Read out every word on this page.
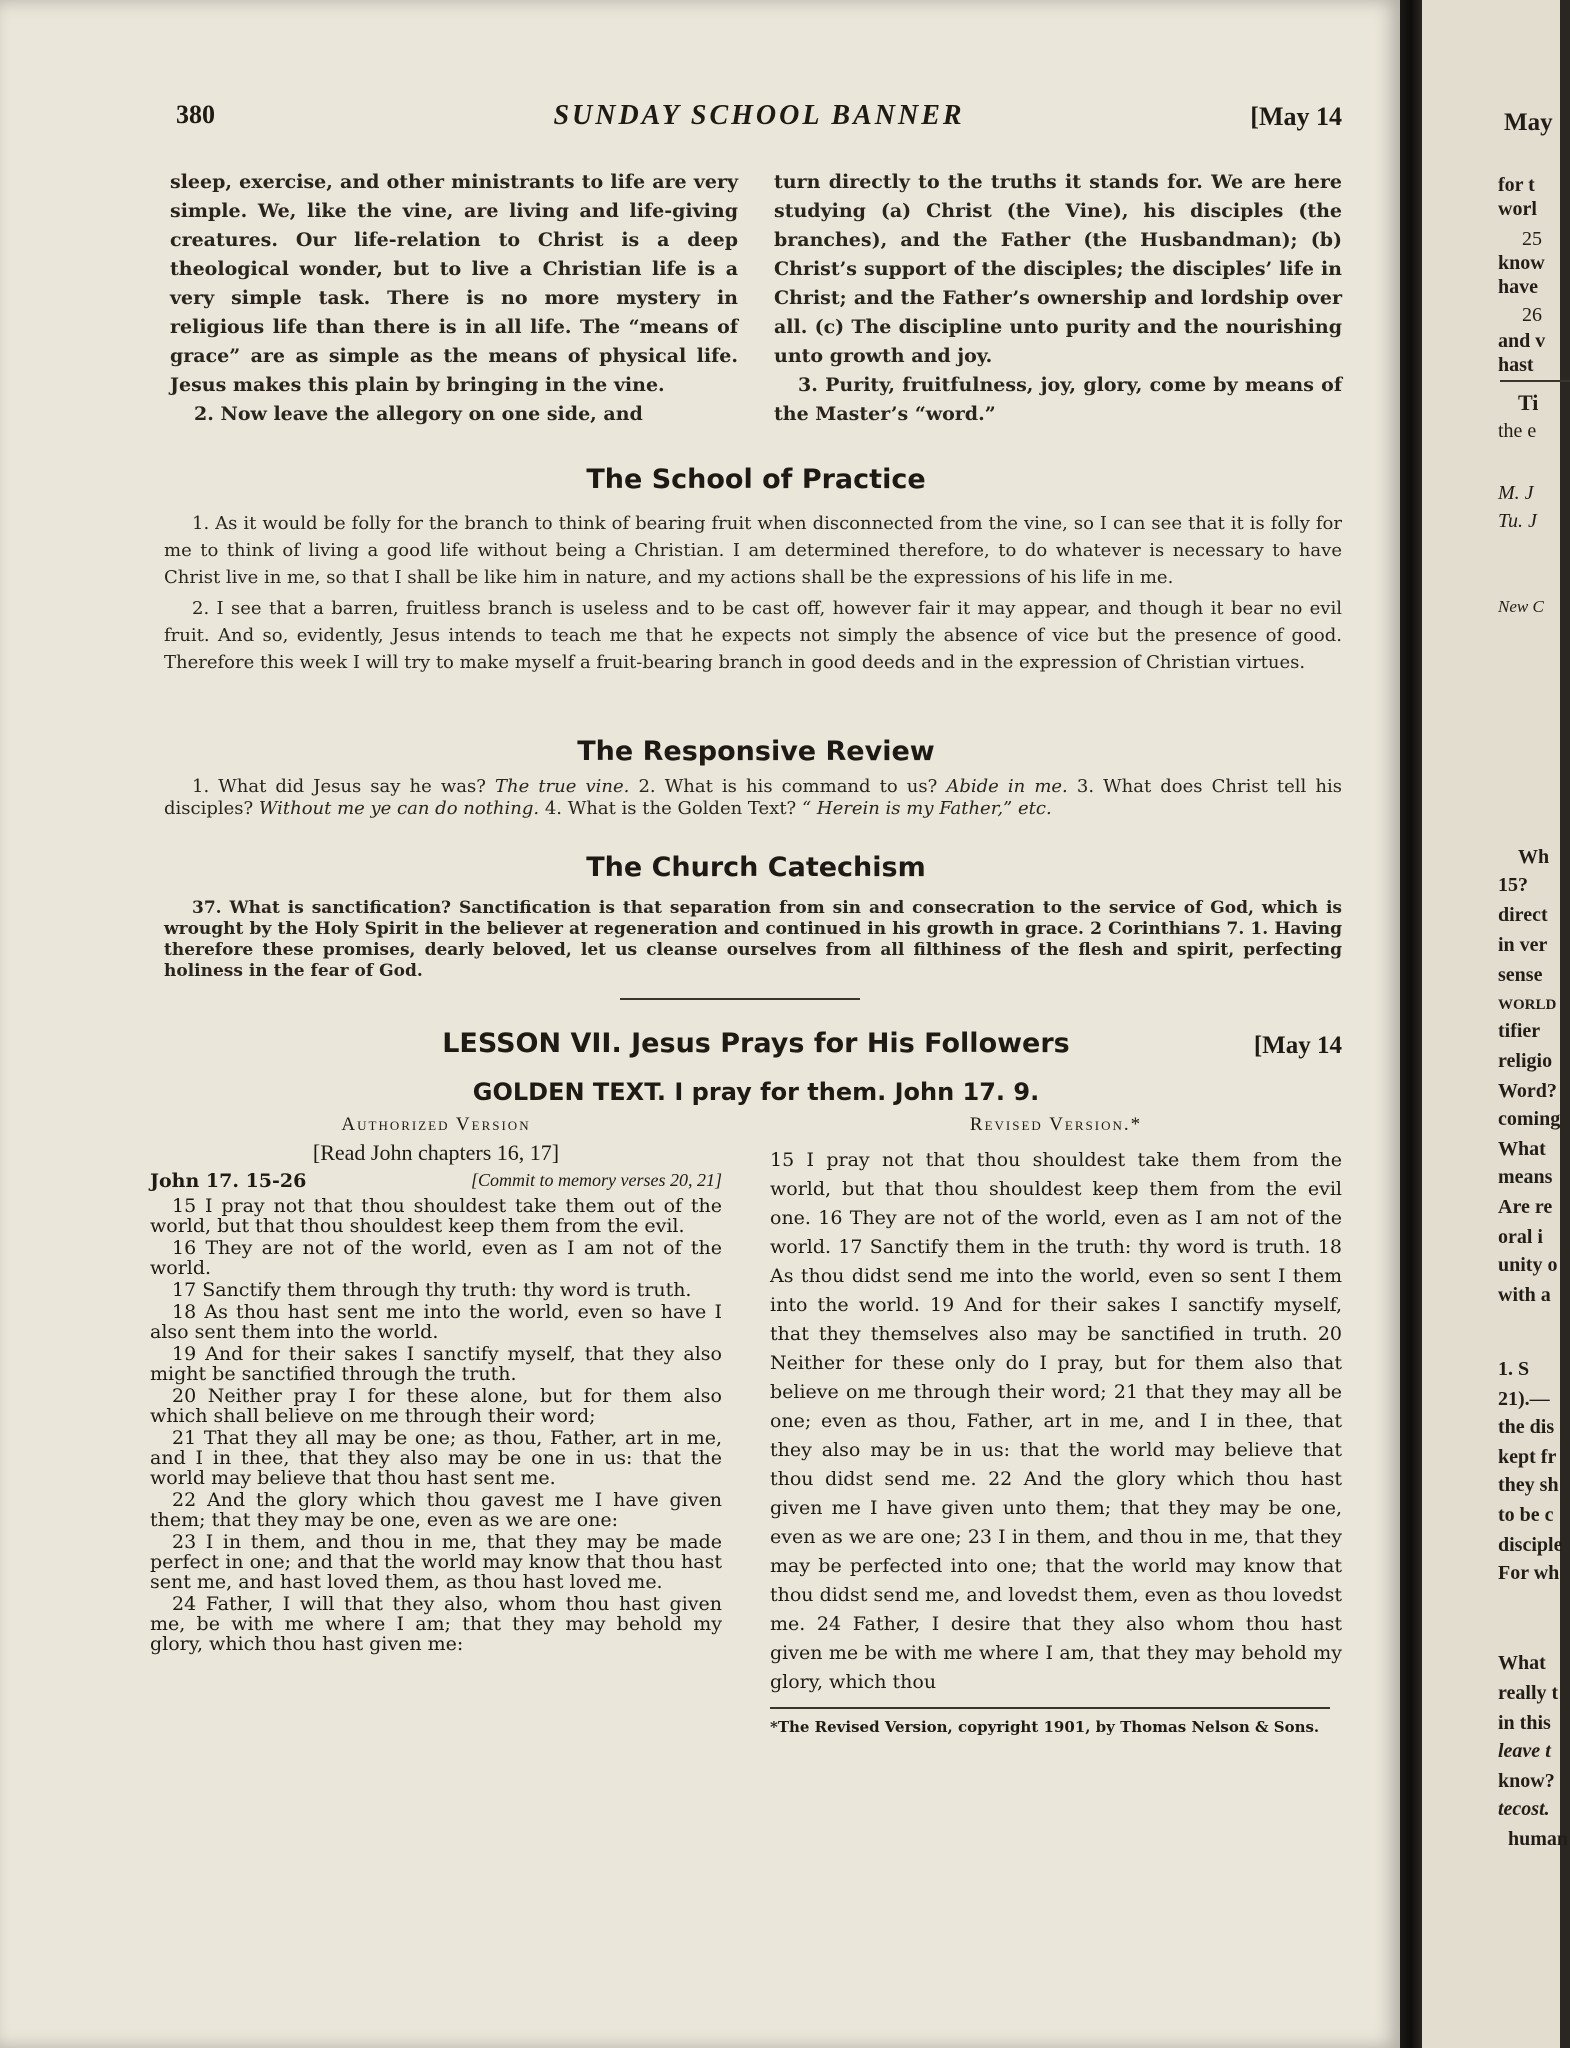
380	SUNDAY SCHOOL BANNER	[May 14

sleep, exercise, and other ministrants to life are very simple. We, like the vine, are living and life-giving creatures. Our life-relation to Christ is a deep theological wonder, but to live a Christian life is a very simple task. There is no more mystery in religious life than there is in all life. The “means of grace” are as simple as the means of physical life. Jesus makes this plain by bringing in the vine.

2. Now leave the allegory on one side, and

turn directly to the truths it stands for. We are here studying (a) Christ (the Vine), his disciples (the branches), and the Father (the Husbandman); (b) Christ’s support of the disciples; the disciples’ life in Christ; and the Father’s ownership and lordship over all. (c) The discipline unto purity and the nourishing unto growth and joy.

3. Purity, fruitfulness, joy, glory, come by means of the Master’s “word.”

The School of Practice

1. As it would be folly for the branch to think of bearing fruit when disconnected from the vine, so I can see that it is folly for me to think of living a good life without being a Christian. I am determined therefore, to do whatever is necessary to have Christ live in me, so that I shall be like him in nature, and my actions shall be the expressions of his life in me.

2. I see that a barren, fruitless branch is useless and to be cast off, however fair it may appear, and though it bear no evil fruit. And so, evidently, Jesus intends to teach me that he expects not simply the absence of vice but the presence of good. Therefore this week I will try to make myself a fruit-bearing branch in good deeds and in the expression of Christian virtues.

The Responsive Review

1. What did Jesus say he was? The true vine. 2. What is his command to us? Abide in me. 3. What does Christ tell his disciples? Without me ye can do nothing. 4. What is the Golden Text? “ Herein is my Father,” etc.

The Church Catechism

37. What is sanctification? Sanctification is that separation from sin and consecration to the service of God, which is wrought by the Holy Spirit in the believer at regeneration and continued in his growth in grace. 2 Corinthians 7. 1. Having therefore these promises, dearly beloved, let us cleanse ourselves from all filthiness of the flesh and spirit, perfecting holiness in the fear of God.

LESSON VII. Jesus Prays for His Followers	[May 14
GOLDEN TEXT. I pray for them. John 17. 9.
Authorized Version
[Read John chapters 16, 17]
John 17. 15-26	[Commit to memory verses 20, 21]

15 I pray not that thou shouldest take them out of the world, but that thou shouldest keep them from the evil.

16 They are not of the world, even as I am not of the world.

17 Sanctify them through thy truth: thy word is truth.

18 As thou hast sent me into the world, even so have I also sent them into the world.

19 And for their sakes I sanctify myself, that they also might be sanctified through the truth.

20 Neither pray I for these alone, but for them also which shall believe on me through their word;

21 That they all may be one; as thou, Father, art in me, and I in thee, that they also may be one in us: that the world may believe that thou hast sent me.

22 And the glory which thou gavest me I have given them; that they may be one, even as we are one:

23 I in them, and thou in me, that they may be made perfect in one; and that the world may know that thou hast sent me, and hast loved them, as thou hast loved me.

24 Father, I will that they also, whom thou hast given me, be with me where I am; that they may behold my glory, which thou hast given me:

Revised Version.*
15 I pray not that thou shouldest take them from the world, but that thou shouldest keep them from the evil one. 16 They are not of the world, even as I am not of the world. 17 Sanctify them in the truth: thy word is truth. 18 As thou didst send me into the world, even so sent I them into the world. 19 And for their sakes I sanctify myself, that they themselves also may be sanctified in truth. 20 Neither for these only do I pray, but for them also that believe on me through their word; 21 that they may all be one; even as thou, Father, art in me, and I in thee, that they also may be in us: that the world may believe that thou didst send me. 22 And the glory which thou hast given me I have given unto them; that they may be one, even as we are one; 23 I in them, and thou in me, that they may be perfected into one; that the world may know that thou didst send me, and lovedst them, even as thou lovedst me. 24 Father, I desire that they also whom thou hast given me be with me where I am, that they may behold my glory, which thou
*The Revised Version, copyright 1901, by Thomas Nelson & Sons.
May
for t
worl
25
know
have
26
and v
hast
Ti
the e
M. J
Tu. J
New C
Wh
15?
direct
in ver
sense
WORLD
tifier
religio
Word?
coming
What
means
Are re
oral i
unity o
with a
1. S
21).—
the dis
kept fr
they sh
to be c
disciple
For wh
What
really t
in this
leave t
know?
tecost.
human
